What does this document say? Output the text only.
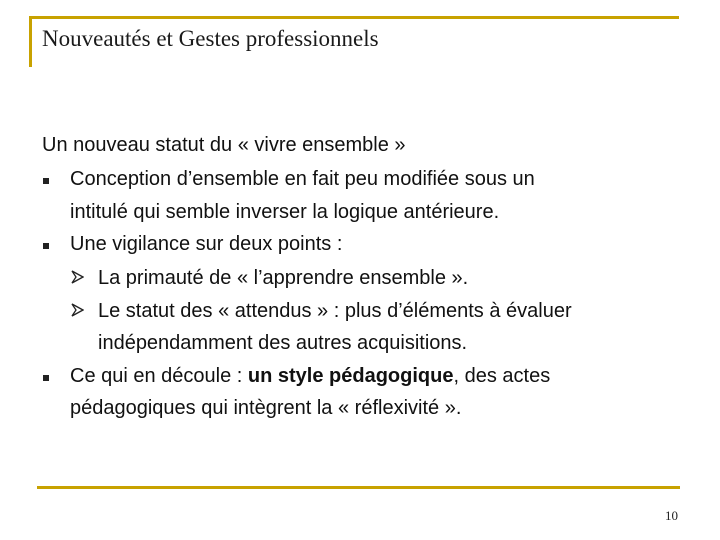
Nouveautés et Gestes professionnels
Un nouveau statut du « vivre ensemble »
Conception d’ensemble en fait peu modifiée sous un
intitulé qui semble inverser la logique antérieure.
Une vigilance sur deux points :
La primauté de « l’apprendre ensemble ».
Le statut des « attendus » : plus d’éléments à évaluer
indépendamment des autres acquisitions.
Ce qui en découle : un style pédagogique, des actes
pédagogiques qui intègrent la « réflexivité ».
10
